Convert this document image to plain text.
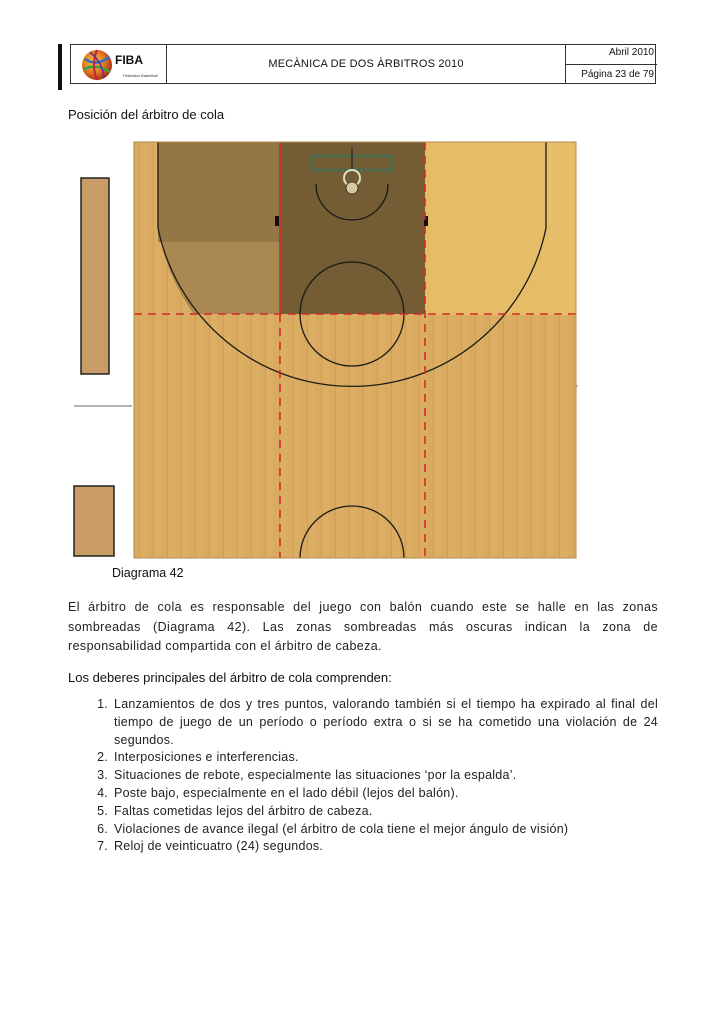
FIBA
Fédération Basketball
MECÀNICA DE DOS ÀRBITROS 2010
Abril 2010
Página 23 de 79
Posición del árbitro de cola
Diagrama 42
El árbitro de cola es responsable del juego con balón cuando este se halle en las zonas sombreadas (Diagrama 42). Las zonas sombreadas más oscuras indican la zona de responsabilidad compartida con el árbitro de cabeza.
Los deberes principales del árbitro de cola comprenden:
1. Lanzamientos de dos y tres puntos, valorando también si el tiempo ha expirado al final del tiempo de juego de un período o período extra o si se ha cometido una violación de 24 segundos.
2. Interposiciones e interferencias.
3. Situaciones de rebote, especialmente las situaciones ‘por la espalda’.
4. Poste bajo, especialmente en el lado débil (lejos del balón).
5. Faltas cometidas lejos del árbitro de cabeza.
6. Violaciones de avance ilegal (el árbitro de cola tiene el mejor ángulo de visión)
7. Reloj de veinticuatro (24) segundos.
